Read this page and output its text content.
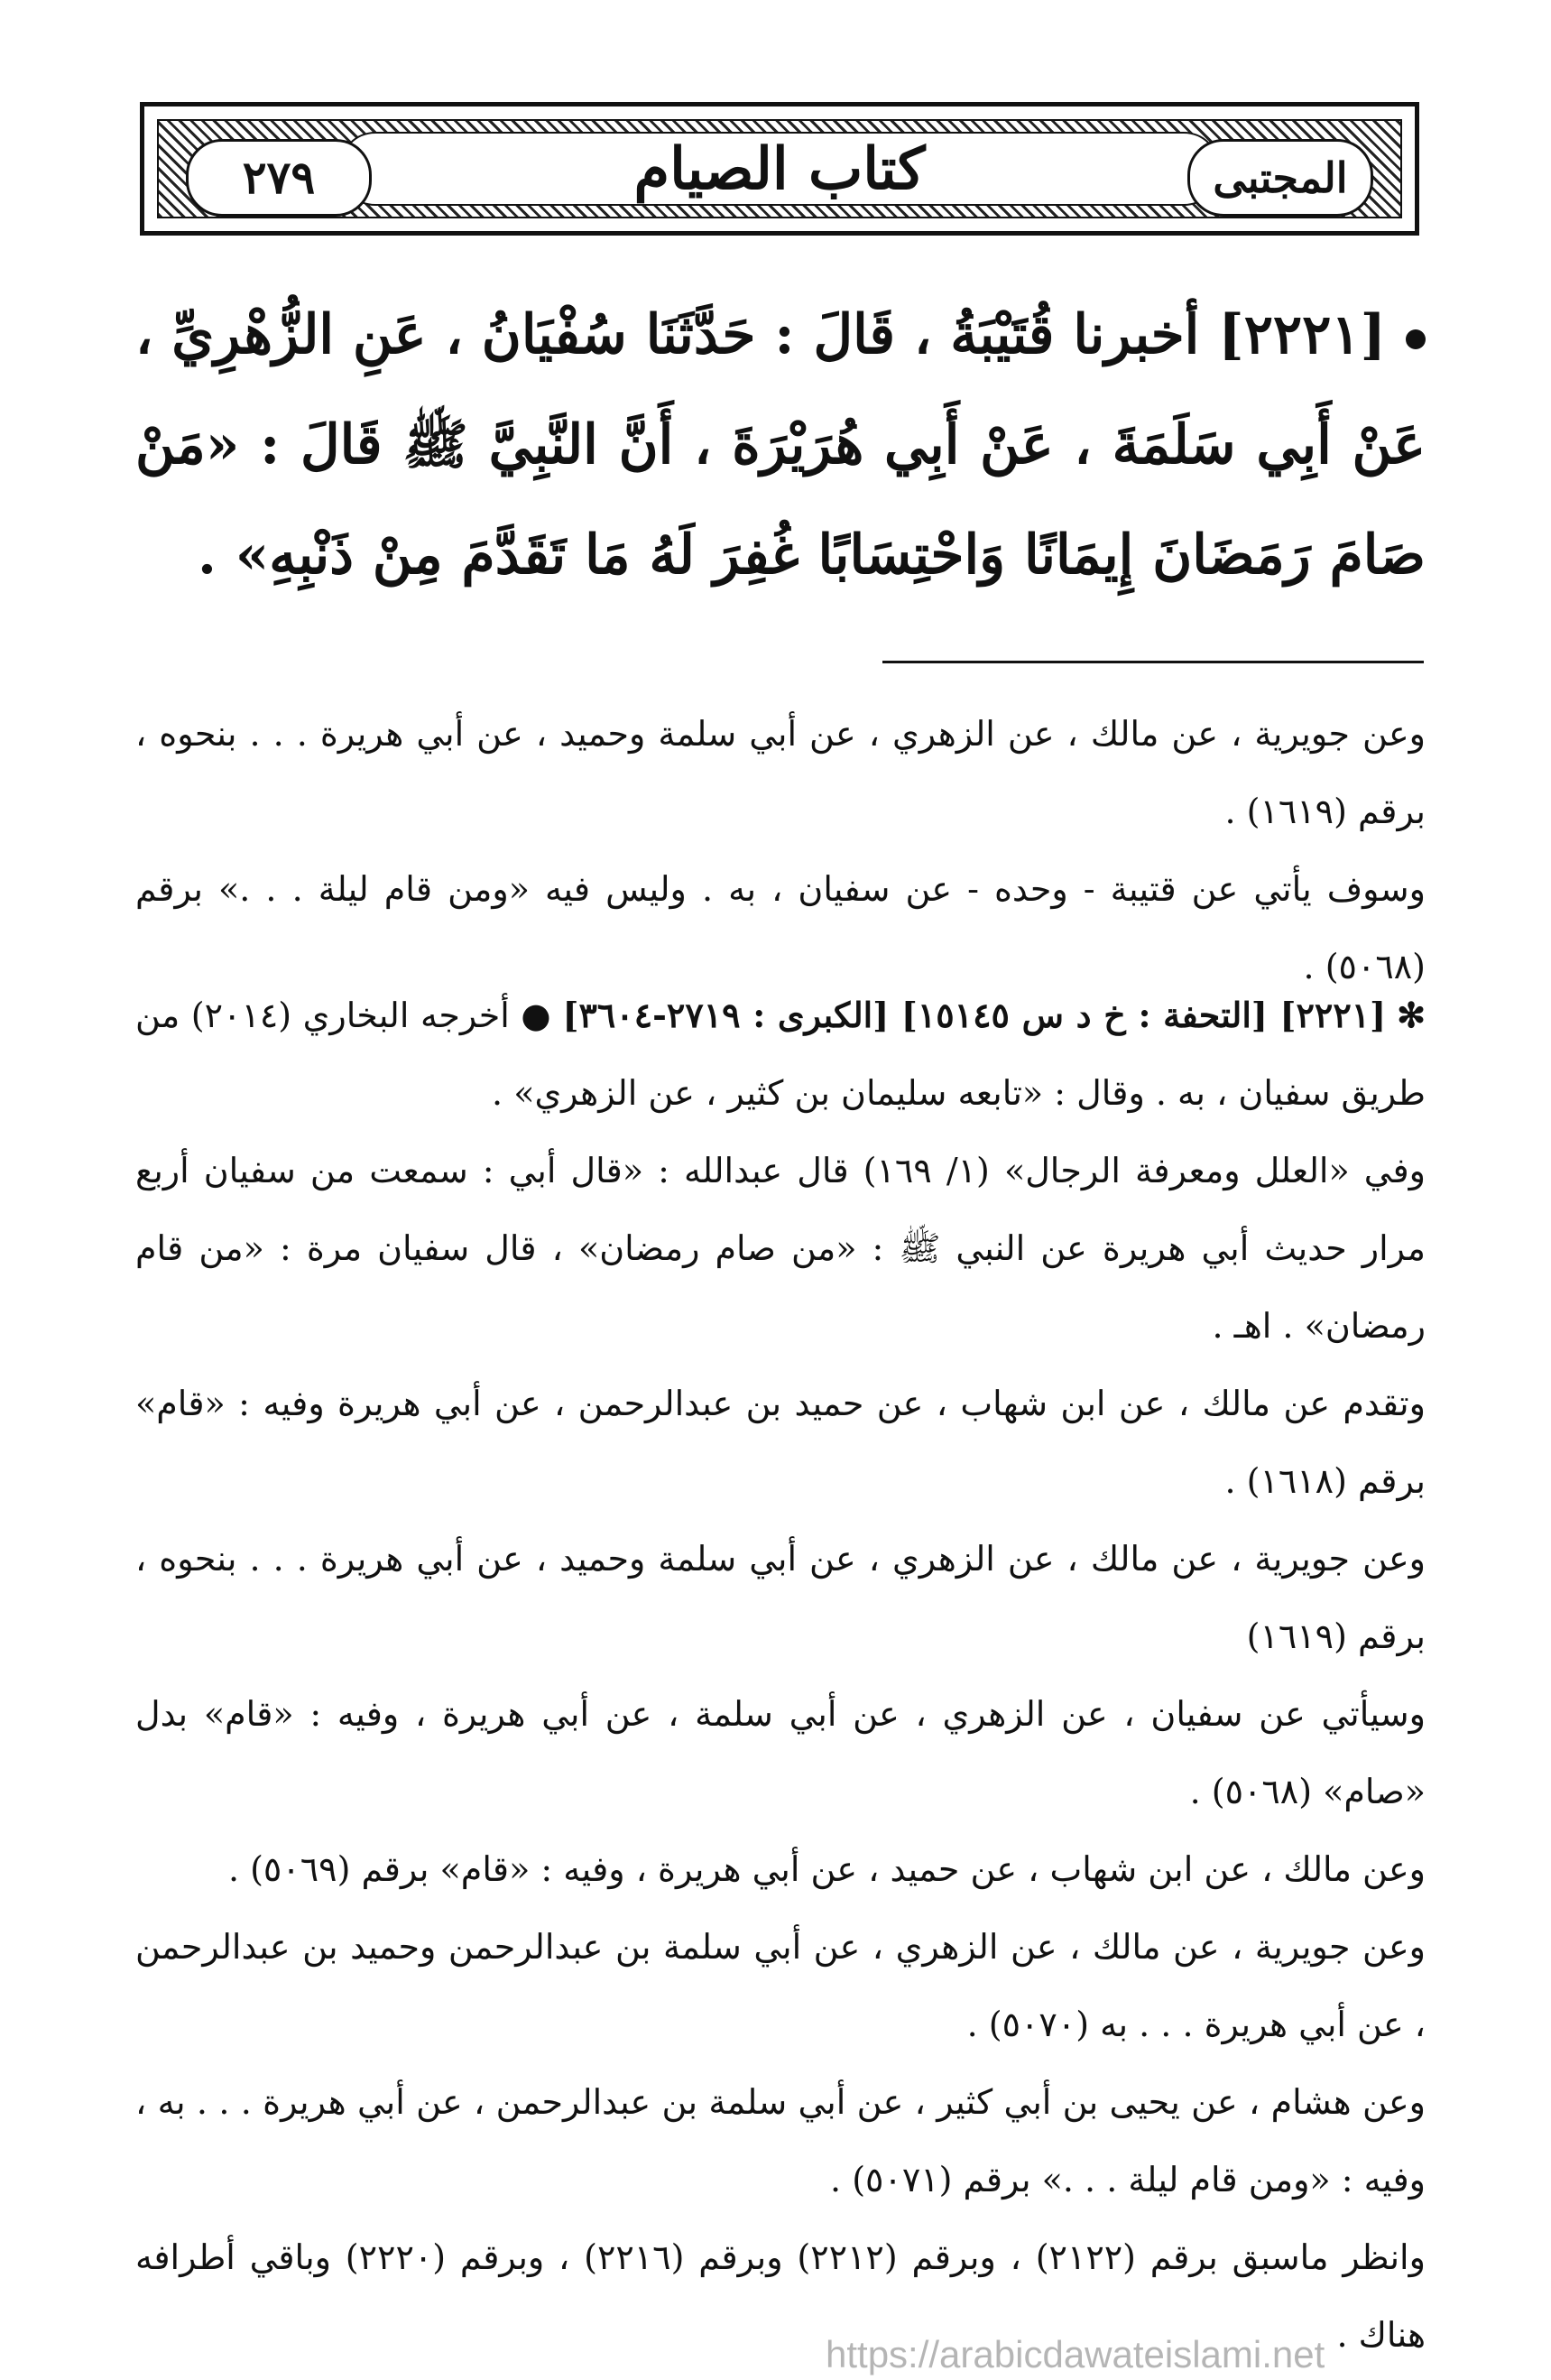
٢٧٩	كتاب الصيام	المجتبى
[٢٢٢١] أخبرنا قُتَيْبَةُ ، قَالَ : حَدَّثَنَا سُفْيَانُ ، عَنِ الزُّهْرِيِّ ، عَنْ أَبِي سَلَمَةَ ، عَنْ أَبِي هُرَيْرَةَ ، أَنَّ النَّبِيَّ ﷺ قَالَ : «مَنْ صَامَ رَمَضَانَ إِيمَانًا وَاحْتِسَابًا غُفِرَ لَهُ مَا تَقَدَّمَ مِنْ ذَنْبِهِ» .

وعن جويرية ، عن مالك ، عن الزهري ، عن أبي سلمة وحميد ، عن أبي هريرة . . . بنحوه ، برقم (١٦١٩) .

وسوف يأتي عن قتيبة - وحده - عن سفيان ، به . وليس فيه «ومن قام ليلة . . .» برقم (٥٠٦٨) .

✻[٢٢٢١] [التحفة : خ د س ١٥١٤٥] [الكبرى : ٢٧١٩-٣٦٠٤] ● أخرجه البخاري (٢٠١٤) من طريق سفيان ، به . وقال : «تابعه سليمان بن كثير ، عن الزهري» .

وفي «العلل ومعرفة الرجال» (١/ ١٦٩) قال عبدالله : «قال أبي : سمعت من سفيان أربع مرار حديث أبي هريرة عن النبي ﷺ : «من صام رمضان» ، قال سفيان مرة : «من قام رمضان» . اهـ .

وتقدم عن مالك ، عن ابن شهاب ، عن حميد بن عبدالرحمن ، عن أبي هريرة وفيه : «قام» برقم (١٦١٨) .

وعن جويرية ، عن مالك ، عن الزهري ، عن أبي سلمة وحميد ، عن أبي هريرة . . . بنحوه ، برقم (١٦١٩)

وسيأتي عن سفيان ، عن الزهري ، عن أبي سلمة ، عن أبي هريرة ، وفيه : «قام» بدل «صام» (٥٠٦٨) .

وعن مالك ، عن ابن شهاب ، عن حميد ، عن أبي هريرة ، وفيه : «قام» برقم (٥٠٦٩) .

وعن جويرية ، عن مالك ، عن الزهري ، عن أبي سلمة بن عبدالرحمن وحميد بن عبدالرحمن ، عن أبي هريرة . . . به (٥٠٧٠) .

وعن هشام ، عن يحيى بن أبي كثير ، عن أبي سلمة بن عبدالرحمن ، عن أبي هريرة . . . به ، وفيه : «ومن قام ليلة . . .» برقم (٥٠٧١) .

وانظر ماسبق برقم (٢١٢٢) ، وبرقم (٢٢١٢) وبرقم (٢٢١٦) ، وبرقم (٢٢٢٠) وباقي أطرافه هناك .

https://arabicdawateislami.net
